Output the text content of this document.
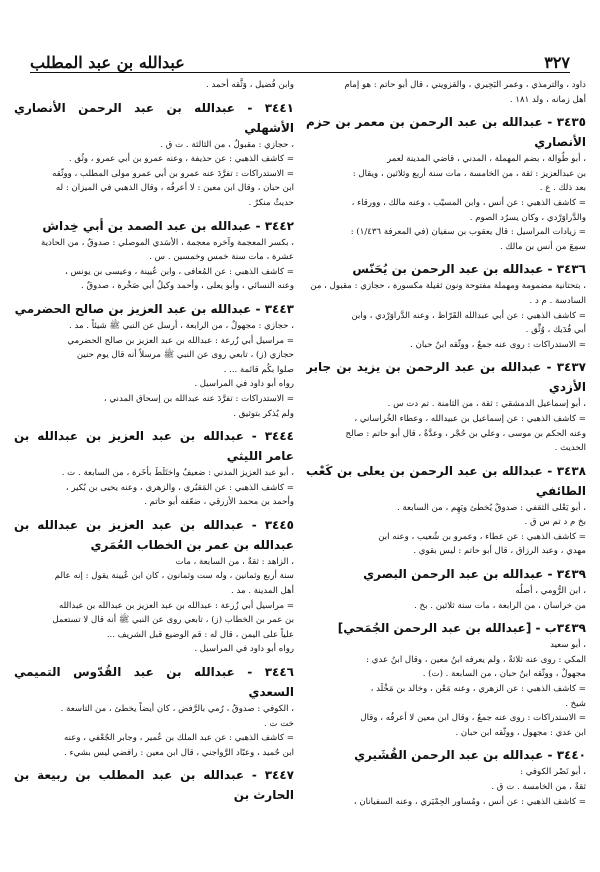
٣٢٧
عبدالله بن عبد المطلب
داود ، والترمذي ، وعمر البَحِيري ، والقزويني ، قال أبو حاتم : هو إمام
أهل زمانه ، ولد ١٨١ .
٣٤٣٥ - عبدالله بن عبد الرحمن بن معمر بن حزم الأنصاري
، أبو طُوالة ، بضم المهملة ، المدني ، قاضي المدينة لعمر
بن عبدالعزيز : ثقة ، من الخامسة ، مات سنة أربع وثلاثين ، ويقال :
بعد ذلك . ع .
= كاشف الذهبي : عن أنس ، وابن المسيّب ، وعنه مالك ، وورقاء ،
والدَّراوَرْدي ، وكان يسرُد الصوم .
= زيادات المراسيل : قال يعقوب بن سفيان (في المعرفة ١/٤٣٦) :
سمِعَ من أنس بن مالك .
٣٤٣٦ - عبدالله بن عبد الرحمن بن يُحَنّس
، بتحتانية مضمومة ومهملة مفتوحة ونون ثقيلة مكسورة ، حجازي : مقبول ، من
السادسة . م د .
= كاشف الذهبي : عن أبي عبدالله القَرّاظ ، وعنه الدَّراوَرْدي ، وابن
أبي فُدَيك ، وُثِّق .
= الاستدراكات : روى عنه جمعٌ ، ووثّقه ابنُ حبان .
٣٤٣٧ - عبدالله بن عبد الرحمن بن يزيد بن جابر الأزدي
، أبو إسماعيل الدمشقي : ثقة ، من الثامنة . تم دت س .
= كاشف الذهبي : عن إسماعيل بن عبيدالله ، وعطاء الخُراساني ،
وعنه الحكم بن موسى ، وعلي بن حُجْر ، وعدَّةٌ ، قال أبو حاتم : صالح
الحديث .
٣٤٣٨ - عبدالله بن عبد الرحمن بن يعلى بن كَعْب الطائفي
، أبو يَعْلى الثقفي : صدوقٌ يُخطئ ويَهِم ، من السابعة .
بخ م د تم س ق .
= كاشف الذهبي : عن عطاء ، وعمرو بن شُعيب ، وعنه ابن
مهدي ، وعبد الرزاق ، قال أبو حاتم : ليس بقوي .
٣٤٣٩ - عبدالله بن عبد الرحمن البصري
، ابن الرُّومي ، أصلُه
من خراسان ، من الرابعة ، مات سنة ثلاثين . بخ .
٣٤٣٩ب - [عبدالله بن عبد الرحمن الجُمَحي]
، أبو سعيد
المكي : روى عنه ثلاثةٌ ، ولم يعرفه ابنُ معين ، وقال ابنُ عدي :
مجهولٌ ، ووثّقه ابنُ حبان ، من السابعة . (ت) .
= كاشف الذهبي : عن الزهري ، وعنه مَعْن ، وخالد بن مَخْلَد ،
شيخ .
= الاستدراكات : روى عنه جمعٌ ، وقال ابن معين لا أعرفُه ، وقال
ابن عدي : مجهول ، ووثّقه ابن حبان .
٣٤٤٠ - عبدالله بن عبد الرحمن القُشَيري
، أبو نَصْر الكوفي :
ثقةٌ ، من الخامسة . ت ق .
= كاشف الذهبي : عن أنس ، ومُساور الحِمْيَري ، وعنه السفيانان ،
وابن فُضيل ، وَثَّقه أحمد .
٣٤٤١ - عبدالله بن عبد الرحمن الأنصاري الأشهلي
، حجازي : مقبولٌ ، من الثالثة . ت ق .
= كاشف الذهبي : عن حذيفة ، وعنه عمرو بن أبي عمرو ، وثُق .
= الاستدراكات : تفرَّدَ عنه عمرو بن أبي عمرو مولى المطلب ، ووثّقه
ابن حبان ، وقال ابن معين : لا أعرفُه ، وقال الذهبي في الميزان : له
حديثٌ منكرٌ .
٣٤٤٢ - عبدالله بن عبد الصمد بن أبي خِداش
، بكسر المعجمة وآخره معجمة ، الأسَدي الموصلي : صدوقٌ ، من الحادية
عشرة ، مات سنة خمس وخمسين . س .
= كاشف الذهبي : عن المُعافى ، وابن عُيينة ، وعيسى بن يونس ،
وعنه النسائي ، وأبو يعلى ، وأحمد وكيلُ أبي صَخْرة ، صدوقٌ .
٣٤٤٣ - عبدالله بن عبد العزيز بن صالح الحضرمي
، حجازي : مجهولٌ ، من الرابعة ، أرسل عن النبي ﷺ شيئاً . مد .
= مراسيل أبي زُرعة : عبدالله بن عبد العزيز بن صالح الحضرمي
حجازي (ز) ، تابعي روى عن النبي ﷺ مرسلاً أنه قال يوم حنين
صلوا بكُم قائمة ... .
رواه أبو داود في المراسيل .
= الاستدراكات : تفرَّدَ عنه عبدالله بن إسحاق المدني ،
ولم يُذكر بتوثيق .
٣٤٤٤ - عبدالله بن عبد العزيز بن عبدالله بن عامر الليثي
، أبو عبد العزيز المدني : ضعيفٌ واختَلَطَ بأخَرة ، من السابعة . ت .
= كاشف الذهبي : عن المَقبُري ، والزهري ، وعنه يحيى بن بُكير ،
وأحمد بن محمد الأزرقي ، ضعّفه أبو حاتم .
٣٤٤٥ - عبدالله بن عبد العزيز بن عبدالله بن عبدالله بن عمر بن الخطاب العُمَري
، الزاهد : ثقةٌ ، من السابعة ، مات
سنة أربع وثمانين ، وله ست وثمانون ، كان ابن عُيينة يقول : إنه عالم
أهل المدينة . مد .
= مراسيل أبي زُرعة : عبدالله بن عبد العزيز بن عبدالله بن عبدالله
بن عمر بن الخطاب (ز) ، تابعي روى عن النبي ﷺ أنه قال لا تستعمل
علياً على اليمن ، قال له : قم الوضيع قبل الشريف ...
رواه أبو داود في المراسيل .
٣٤٤٦ - عبدالله بن عبد القُدّوس التميمي السعدي
، الكوفي : صدوقٌ ، رُمي بالرَّفض ، كان أيضاً يخطئ ، من التاسعة .
خت ت .
= كاشف الذهبي : عن عبد الملك بن عُمير ، وجابر الجُعْفي ، وعنه
ابن حُميد ، وعبّاد الرَّواجني ، قال ابن معين : رافضي ليس بشيء .
٣٤٤٧ - عبدالله بن عبد المطلب بن ربيعة بن الحارث بن
